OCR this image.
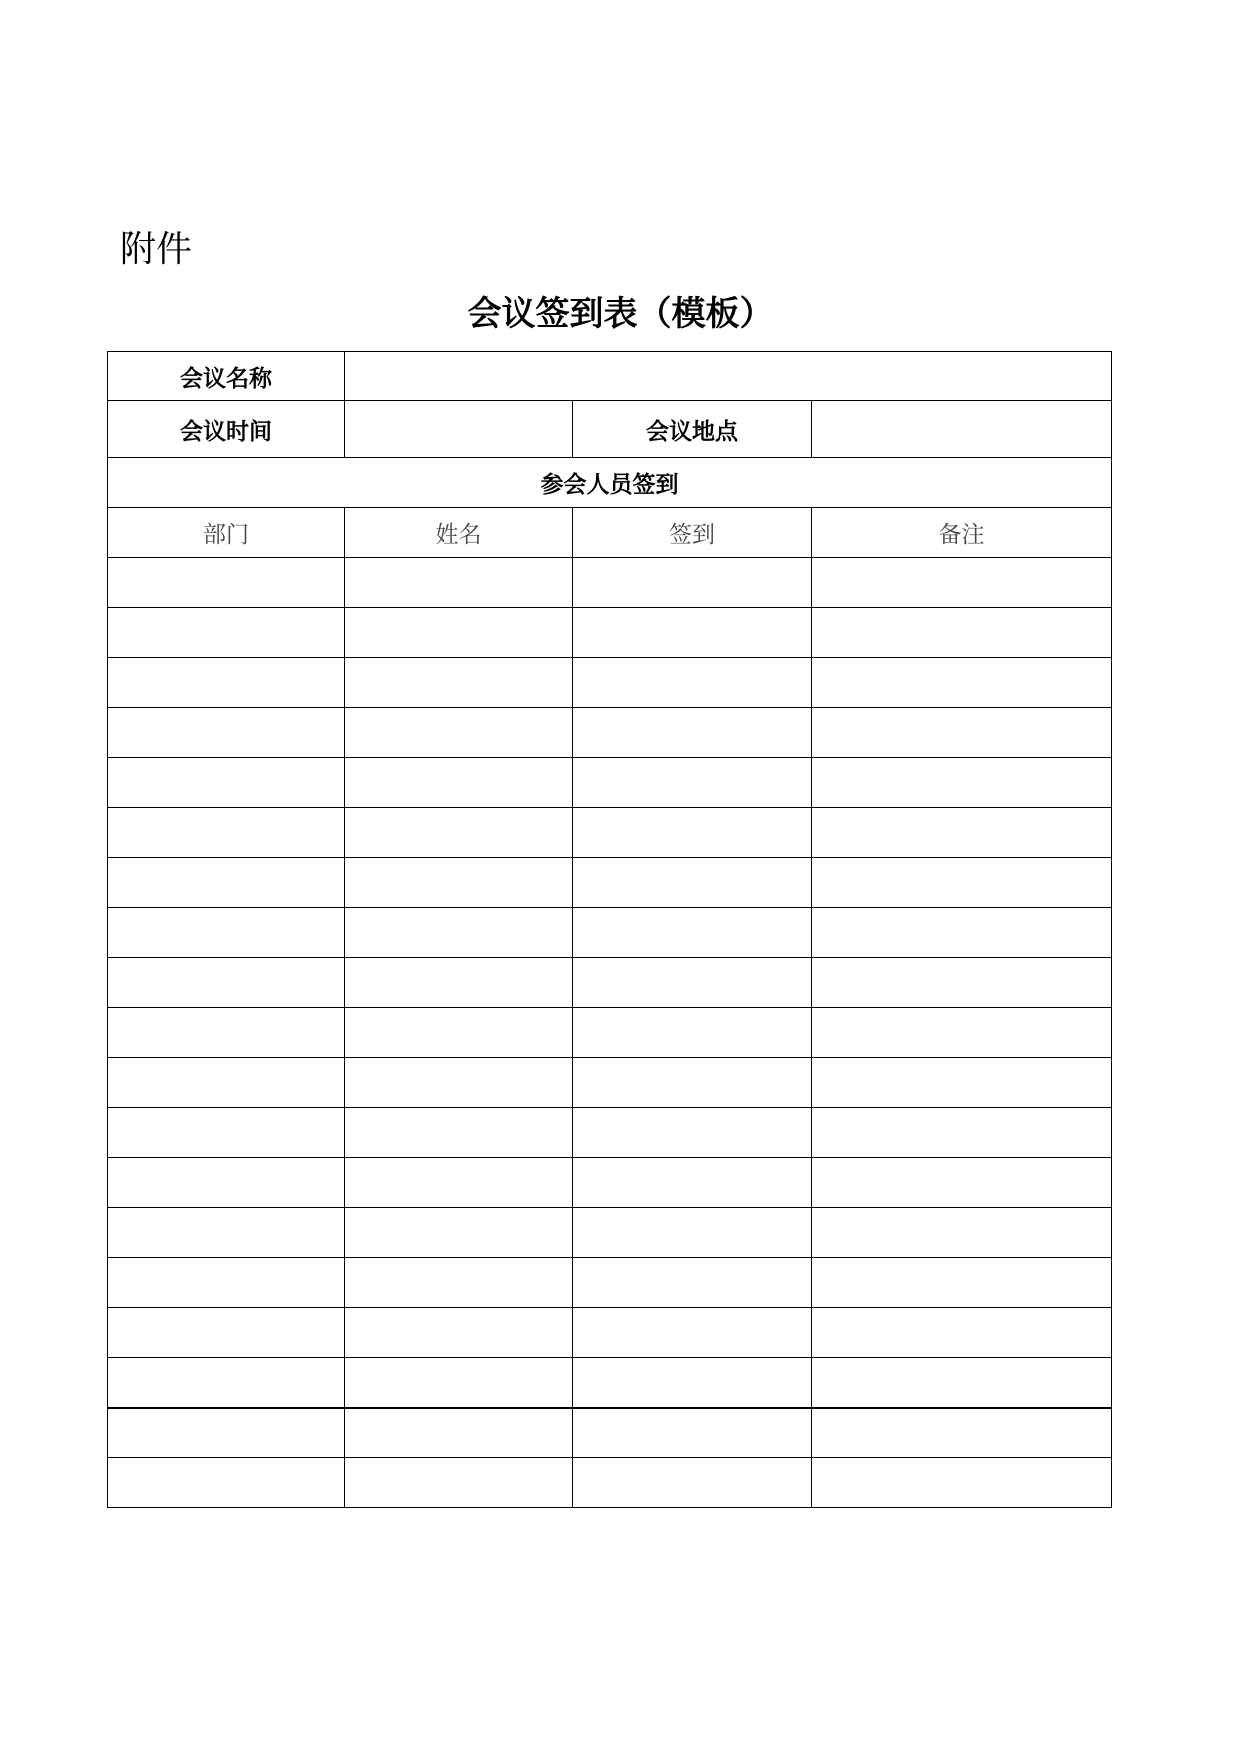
附件
会议签到表（模板）
会议名称			
会议时间		会议地点	
参会人员签到			
部门	姓名	签到	备注
